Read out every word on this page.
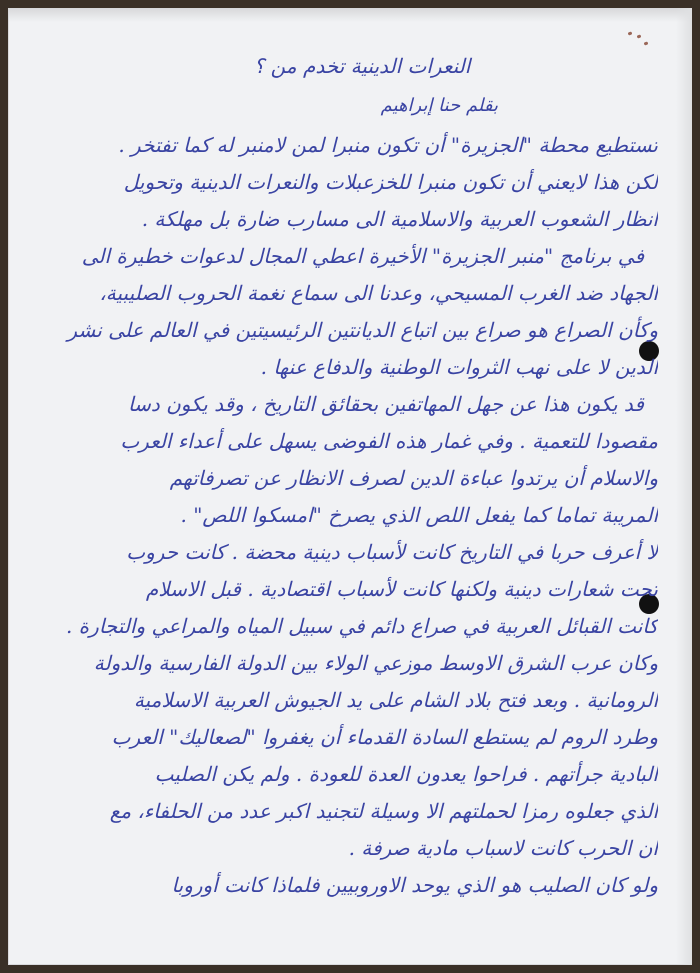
النعرات الدينية تخدم من ؟
بقلم حنا إبراهيم
تستطيع محطة "الجزيرة" أن تكون منبرا لمن لامنبر له كما تفتخر .
لكن هذا لايعني أن تكون منبرا للخزعبلات والنعرات الدينية وتحويل
انظار الشعوب العربية والاسلامية الى مسارب ضارة بل مهلكة .
في برنامج "منبر الجزيرة" الأخيرة اعطي المجال لدعوات خطيرة الى
الجهاد ضد الغرب المسيحي، وعدنا الى سماع نغمة الحروب الصليبية،
وكأن الصراع هو صراع بين اتباع الديانتين الرئيسيتين في العالم على نشر
الدين لا على نهب الثروات الوطنية والدفاع عنها .
قد يكون هذا عن جهل المهاتفين بحقائق التاريخ ، وقد يكون دسا
مقصودا للتعمية . وفي غمار هذه الفوضى يسهل على أعداء العرب
والاسلام أن يرتدوا عباءة الدين لصرف الانظار عن تصرفاتهم
المريبة تماما كما يفعل اللص الذي يصرخ "امسكوا اللص" .
لا أعرف حربا في التاريخ كانت لأسباب دينية محضة . كانت حروب
تحت شعارات دينية ولكنها كانت لأسباب اقتصادية . قبل الاسلام
كانت القبائل العربية في صراع دائم في سبيل المياه والمراعي والتجارة .
وكان عرب الشرق الاوسط موزعي الولاء بين الدولة الفارسية والدولة
الرومانية . وبعد فتح بلاد الشام على يد الجيوش العربية الاسلامية
وطرد الروم لم يستطع السادة القدماء أن يغفروا "لصعاليك" العرب
البادية جرأتهم . فراحوا يعدون العدة للعودة . ولم يكن الصليب
الذي جعلوه رمزا لحملتهم الا وسيلة لتجنيد اكبر عدد من الحلفاء، مع
ان الحرب كانت لاسباب مادية صرفة .
ولو كان الصليب هو الذي يوحد الاوروبيين فلماذا كانت أوروبا
